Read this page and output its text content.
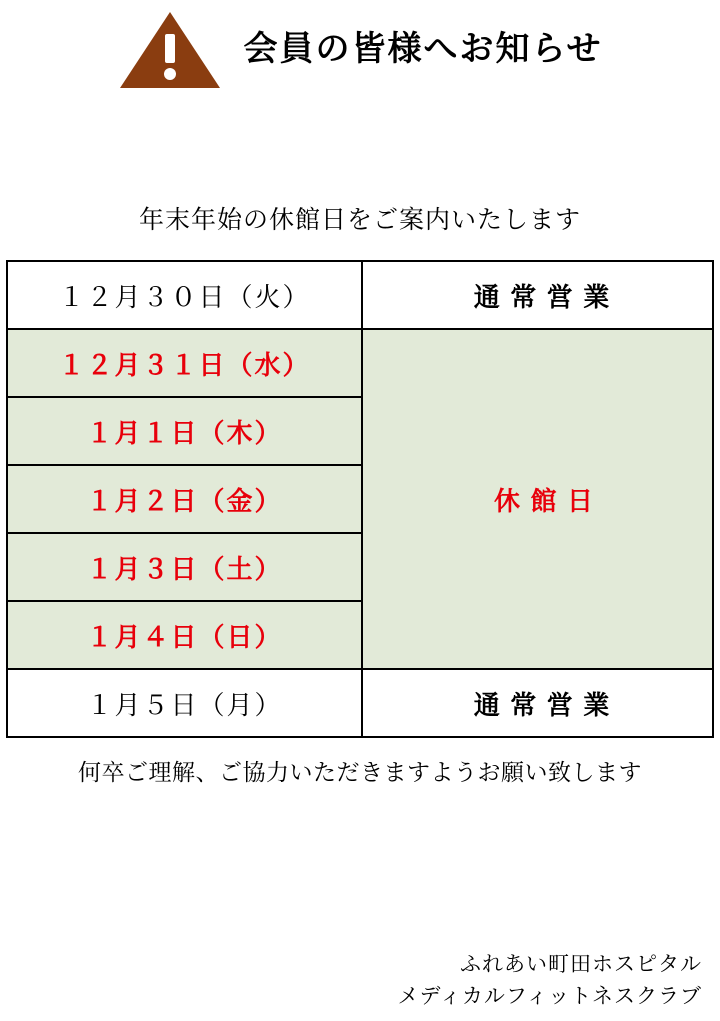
会員の皆様へお知らせ
年末年始の休館日をご案内いたします
１２月３０日（火）	通 常 営 業
１２月３１日（水）	休 館 日
１月１日（木）	
１月２日（金）	
１月３日（土）	
１月４日（日）	
１月５日（月）	通 常 営 業
何卒ご理解、ご協力いただきますようお願い致します
ふれあい町田ホスピタル
メディカルフィットネスクラブ
